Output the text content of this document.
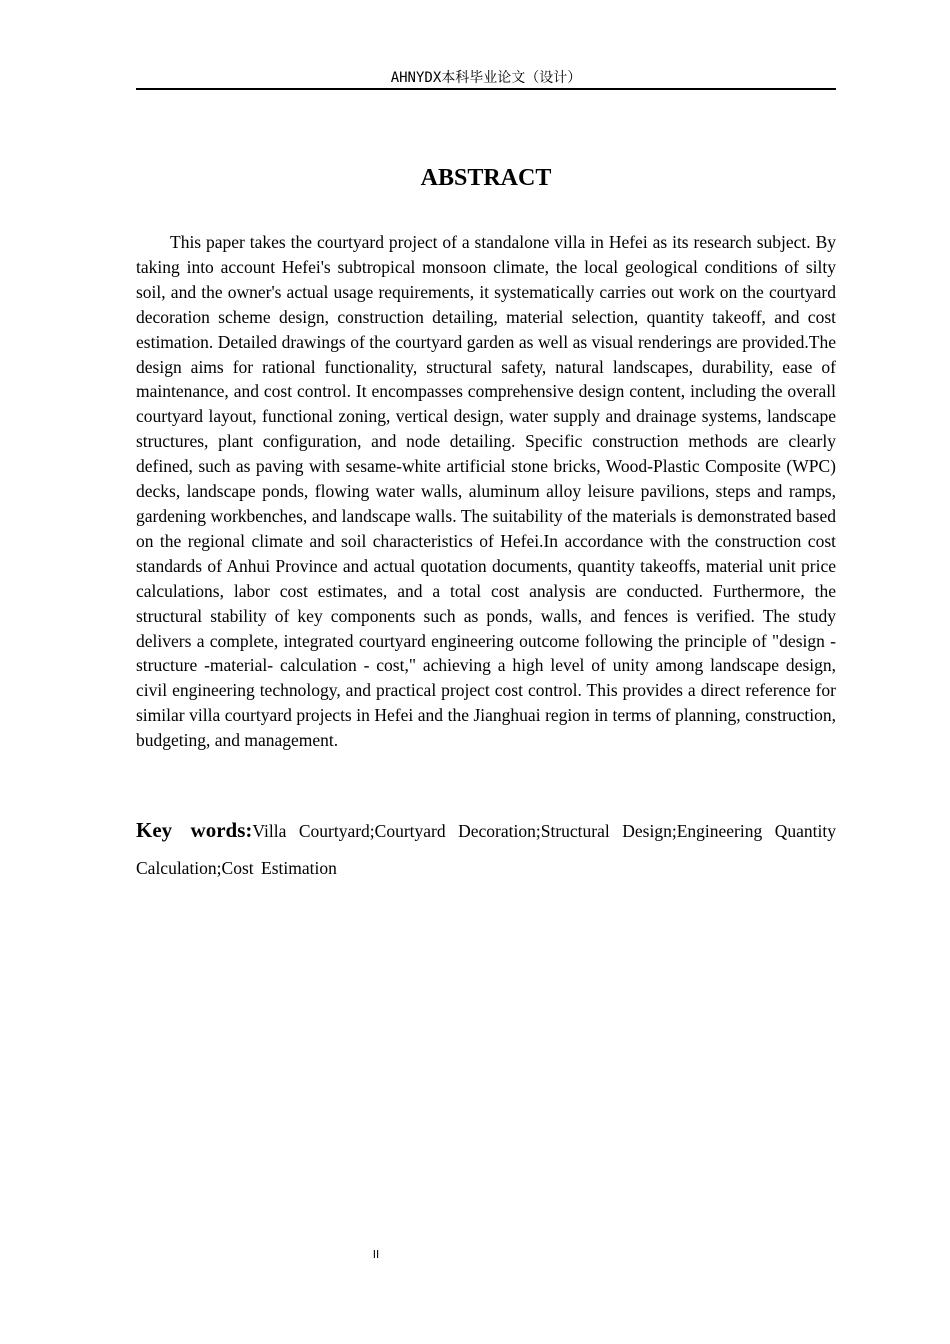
AHNYDX本科毕业论文（设计）
ABSTRACT

This paper takes the courtyard project of a standalone villa in Hefei as its research subject. By taking into account Hefei's subtropical monsoon climate, the local geological conditions of silty soil, and the owner's actual usage requirements, it systematically carries out work on the courtyard decoration scheme design, construction detailing, material selection, quantity takeoff, and cost estimation. Detailed drawings of the courtyard garden as well as visual renderings are provided.The design aims for rational functionality, structural safety, natural landscapes, durability, ease of maintenance, and cost control. It encompasses comprehensive design content, including the overall courtyard layout, functional zoning, vertical design, water supply and drainage systems, landscape structures, plant configuration, and node detailing. Specific construction methods are clearly defined, such as paving with sesame-white artificial stone bricks, Wood-Plastic Composite (WPC) decks, landscape ponds, flowing water walls, aluminum alloy leisure pavilions, steps and ramps, gardening workbenches, and landscape walls. The suitability of the materials is demonstrated based on the regional climate and soil characteristics of Hefei.In accordance with the construction cost standards of Anhui Province and actual quotation documents, quantity takeoffs, material unit price calculations, labor cost estimates, and a total cost analysis are conducted. Furthermore, the structural stability of key components such as ponds, walls, and fences is verified. The study delivers a complete, integrated courtyard engineering outcome following the principle of "design - structure -material- calculation - cost," achieving a high level of unity among landscape design, civil engineering technology, and practical project cost control. This provides a direct reference for similar villa courtyard projects in Hefei and the Jianghuai region in terms of planning, construction, budgeting, and management.

Key words:Villa Courtyard;Courtyard Decoration;Structural Design;Engineering Quantity Calculation;Cost Estimation

II
